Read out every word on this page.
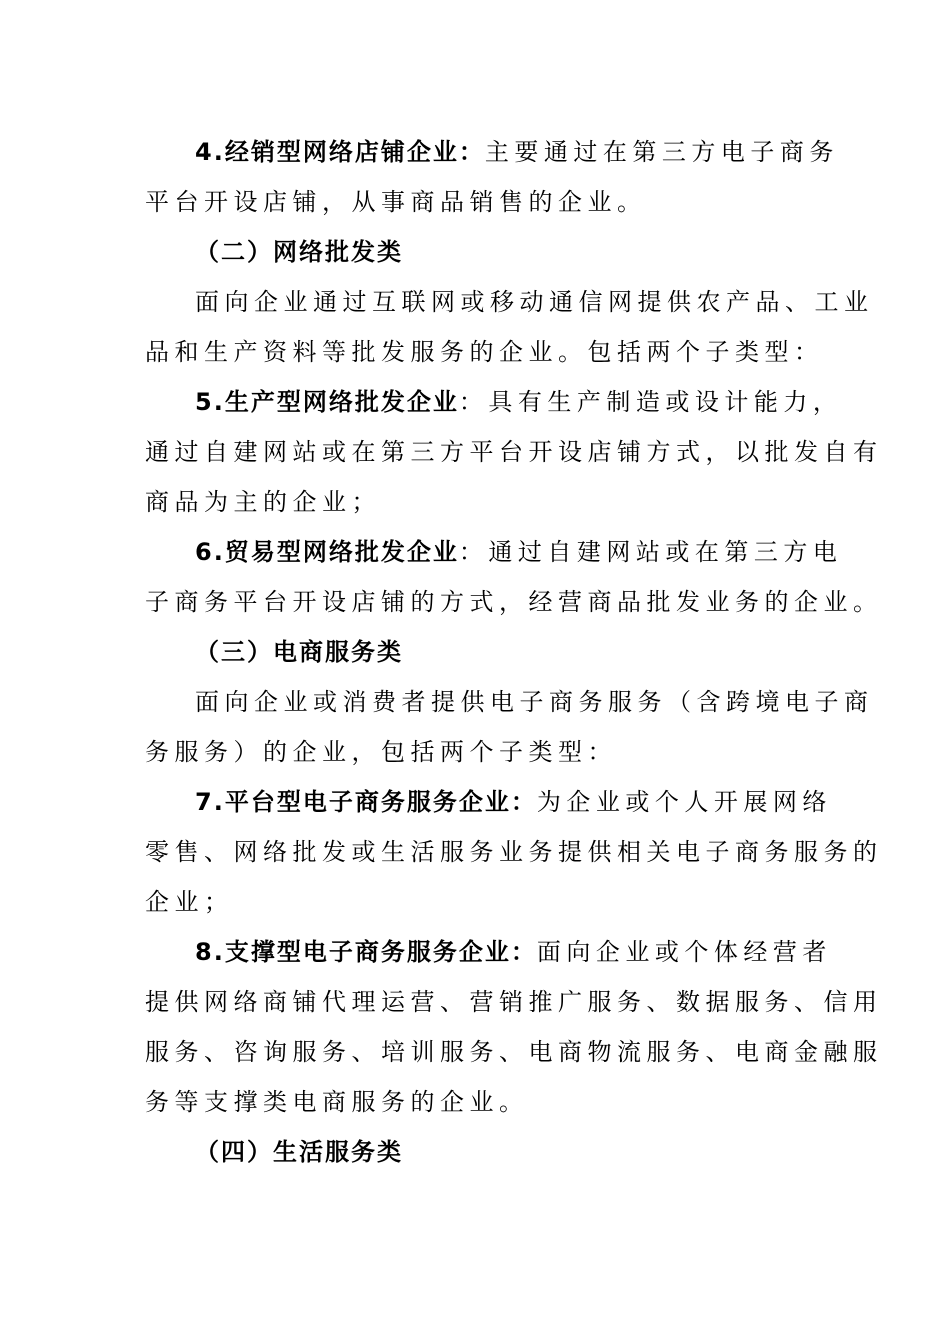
4.经销型网络店铺企业：主要通过在第三方电子商务
平台开设店铺，从事商品销售的企业。
（二）网络批发类
面向企业通过互联网或移动通信网提供农产品、工业
品和生产资料等批发服务的企业。包括两个子类型：
5.生产型网络批发企业：具有生产制造或设计能力，
通过自建网站或在第三方平台开设店铺方式，以批发自有
商品为主的企业；
6.贸易型网络批发企业：通过自建网站或在第三方电
子商务平台开设店铺的方式，经营商品批发业务的企业。
（三）电商服务类
面向企业或消费者提供电子商务服务（含跨境电子商
务服务）的企业，包括两个子类型：
7.平台型电子商务服务企业：为企业或个人开展网络
零售、网络批发或生活服务业务提供相关电子商务服务的
企业；
8.支撑型电子商务服务企业：面向企业或个体经营者
提供网络商铺代理运营、营销推广服务、数据服务、信用
服务、咨询服务、培训服务、电商物流服务、电商金融服
务等支撑类电商服务的企业。
（四）生活服务类
